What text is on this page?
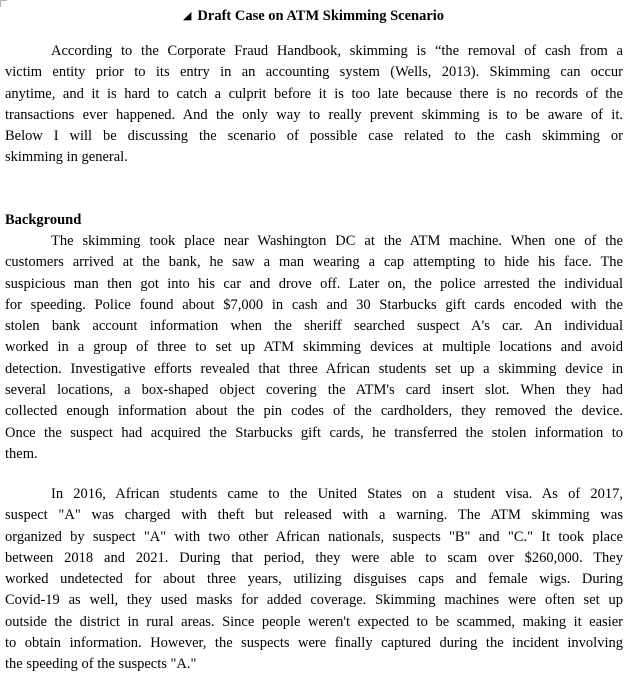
◢ Draft Case on ATM Skimming Scenario
According to the Corporate Fraud Handbook, skimming is “the removal of cash from a
victim entity prior to its entry in an accounting system (Wells, 2013). Skimming can occur
anytime, and it is hard to catch a culprit before it is too late because there is no records of the
transactions ever happened. And the only way to really prevent skimming is to be aware of it.
Below I will be discussing the scenario of possible case related to the cash skimming or
skimming in general.
Background
The skimming took place near Washington DC at the ATM machine. When one of the
customers arrived at the bank, he saw a man wearing a cap attempting to hide his face. The
suspicious man then got into his car and drove off. Later on, the police arrested the individual
for speeding. Police found about $7,000 in cash and 30 Starbucks gift cards encoded with the
stolen bank account information when the sheriff searched suspect A's car. An individual
worked in a group of three to set up ATM skimming devices at multiple locations and avoid
detection. Investigative efforts revealed that three African students set up a skimming device in
several locations, a box-shaped object covering the ATM's card insert slot. When they had
collected enough information about the pin codes of the cardholders, they removed the device.
Once the suspect had acquired the Starbucks gift cards, he transferred the stolen information to
them.
In 2016, African students came to the United States on a student visa. As of 2017,
suspect "A" was charged with theft but released with a warning. The ATM skimming was
organized by suspect "A" with two other African nationals, suspects "B" and "C." It took place
between 2018 and 2021. During that period, they were able to scam over $260,000. They
worked undetected for about three years, utilizing disguises caps and female wigs. During
Covid-19 as well, they used masks for added coverage. Skimming machines were often set up
outside the district in rural areas. Since people weren't expected to be scammed, making it easier
to obtain information. However, the suspects were finally captured during the incident involving
the speeding of the suspects "A."
